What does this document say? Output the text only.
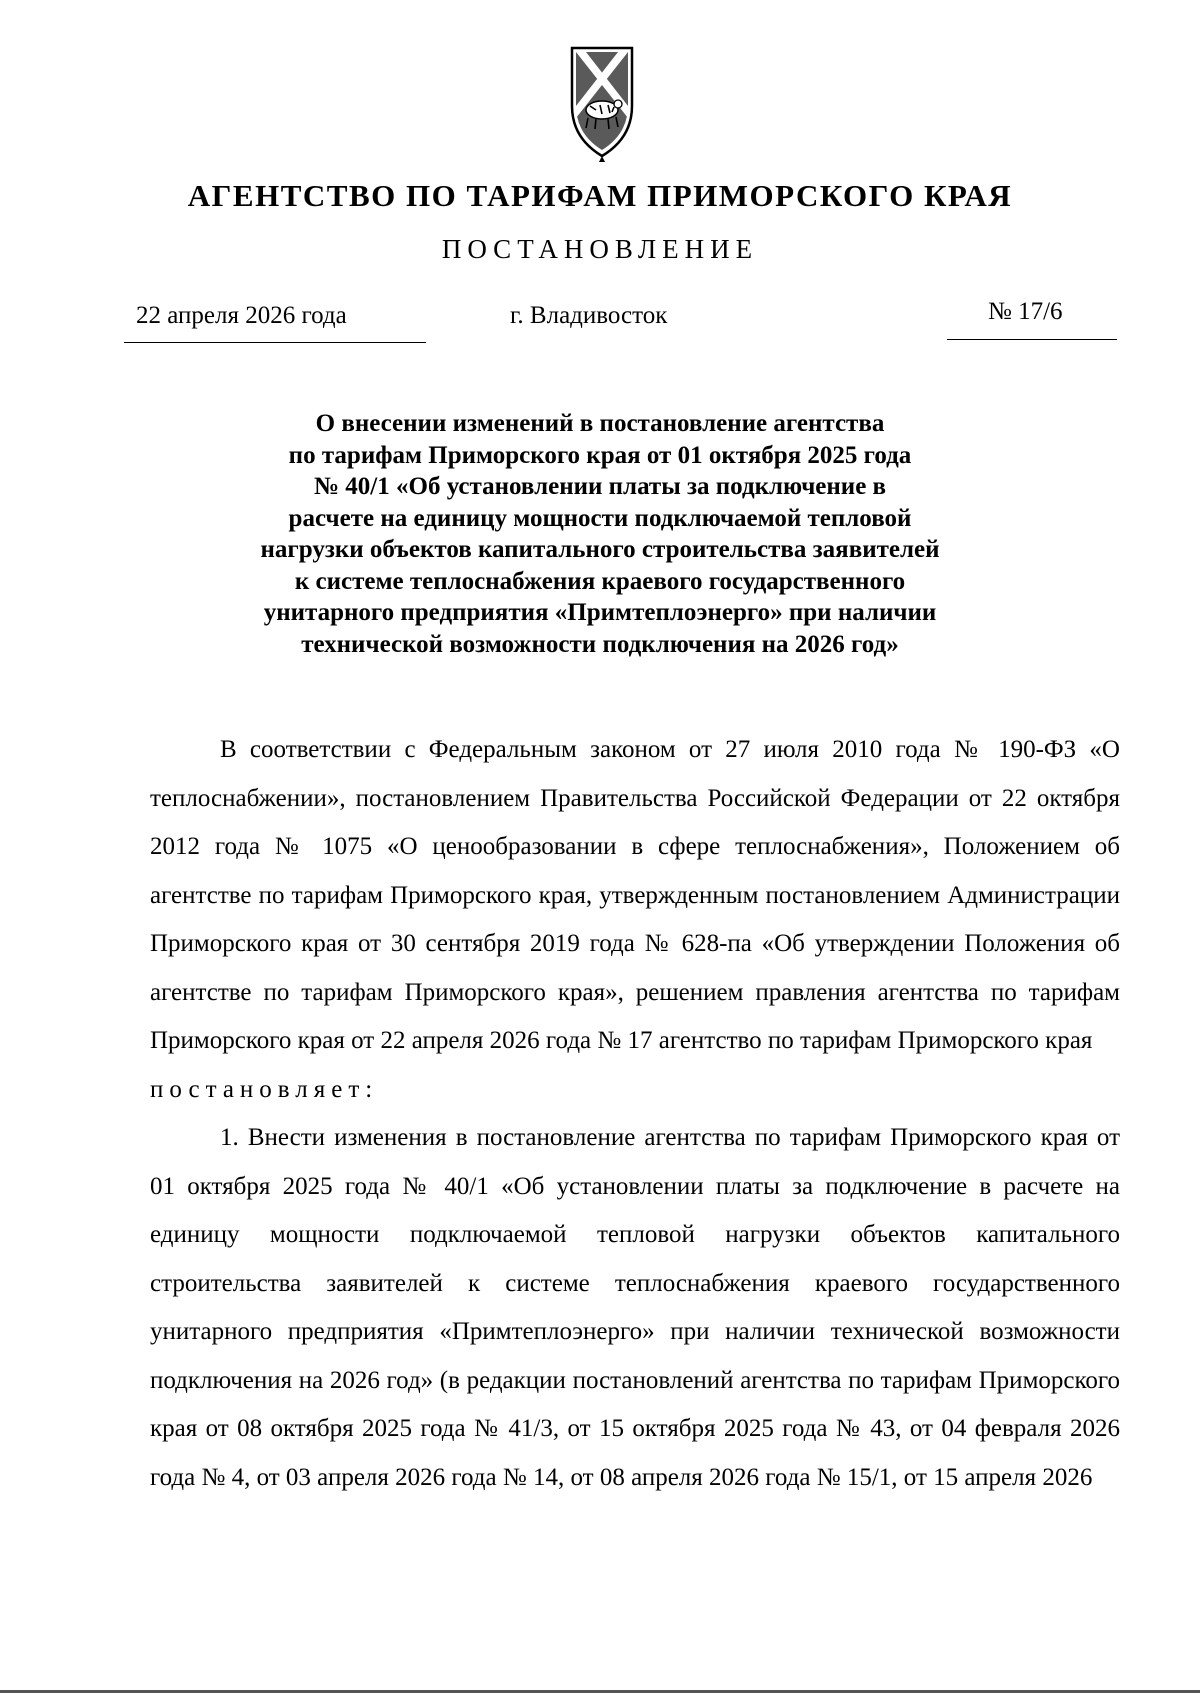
АГЕНТСТВО ПО ТАРИФАМ ПРИМОРСКОГО КРАЯ
ПОСТАНОВЛЕНИЕ
22 апреля 2026 года	г. Владивосток	№ 17/6
О внесении изменений в постановление агентства
по тарифам Приморского края от 01 октября 2025 года
№ 40/1 «Об установлении платы за подключение в
расчете на единицу мощности подключаемой тепловой
нагрузки объектов капитального строительства заявителей
к системе теплоснабжения краевого государственного
унитарного предприятия «Примтеплоэнерго» при наличии
технической возможности подключения на 2026 год»

В соответствии с Федеральным законом от 27 июля 2010 года № 190-ФЗ «О теплоснабжении», постановлением Правительства Российской Федерации от 22 октября 2012 года № 1075 «О ценообразовании в сфере теплоснабжения», Положением об агентстве по тарифам Приморского края, утвержденным постановлением Администрации Приморского края от 30 сентября 2019 года № 628-па «Об утверждении Положения об агентстве по тарифам Приморского края», решением правления агентства по тарифам Приморского края от 22 апреля 2026 года № 17 агентство по тарифам Приморского края

постановляет:

1. Внести изменения в постановление агентства по тарифам Приморского края от 01 октября 2025 года № 40/1 «Об установлении платы за подключение в расчете на единицу мощности подключаемой тепловой нагрузки объектов капитального строительства заявителей к системе теплоснабжения краевого государственного унитарного предприятия «Примтеплоэнерго» при наличии технической возможности подключения на 2026 год» (в редакции постановлений агентства по тарифам Приморского края от 08 октября 2025 года № 41/3, от 15 октября 2025 года № 43, от 04 февраля 2026 года № 4, от 03 апреля 2026 года № 14, от 08 апреля 2026 года № 15/1, от 15 апреля 2026
